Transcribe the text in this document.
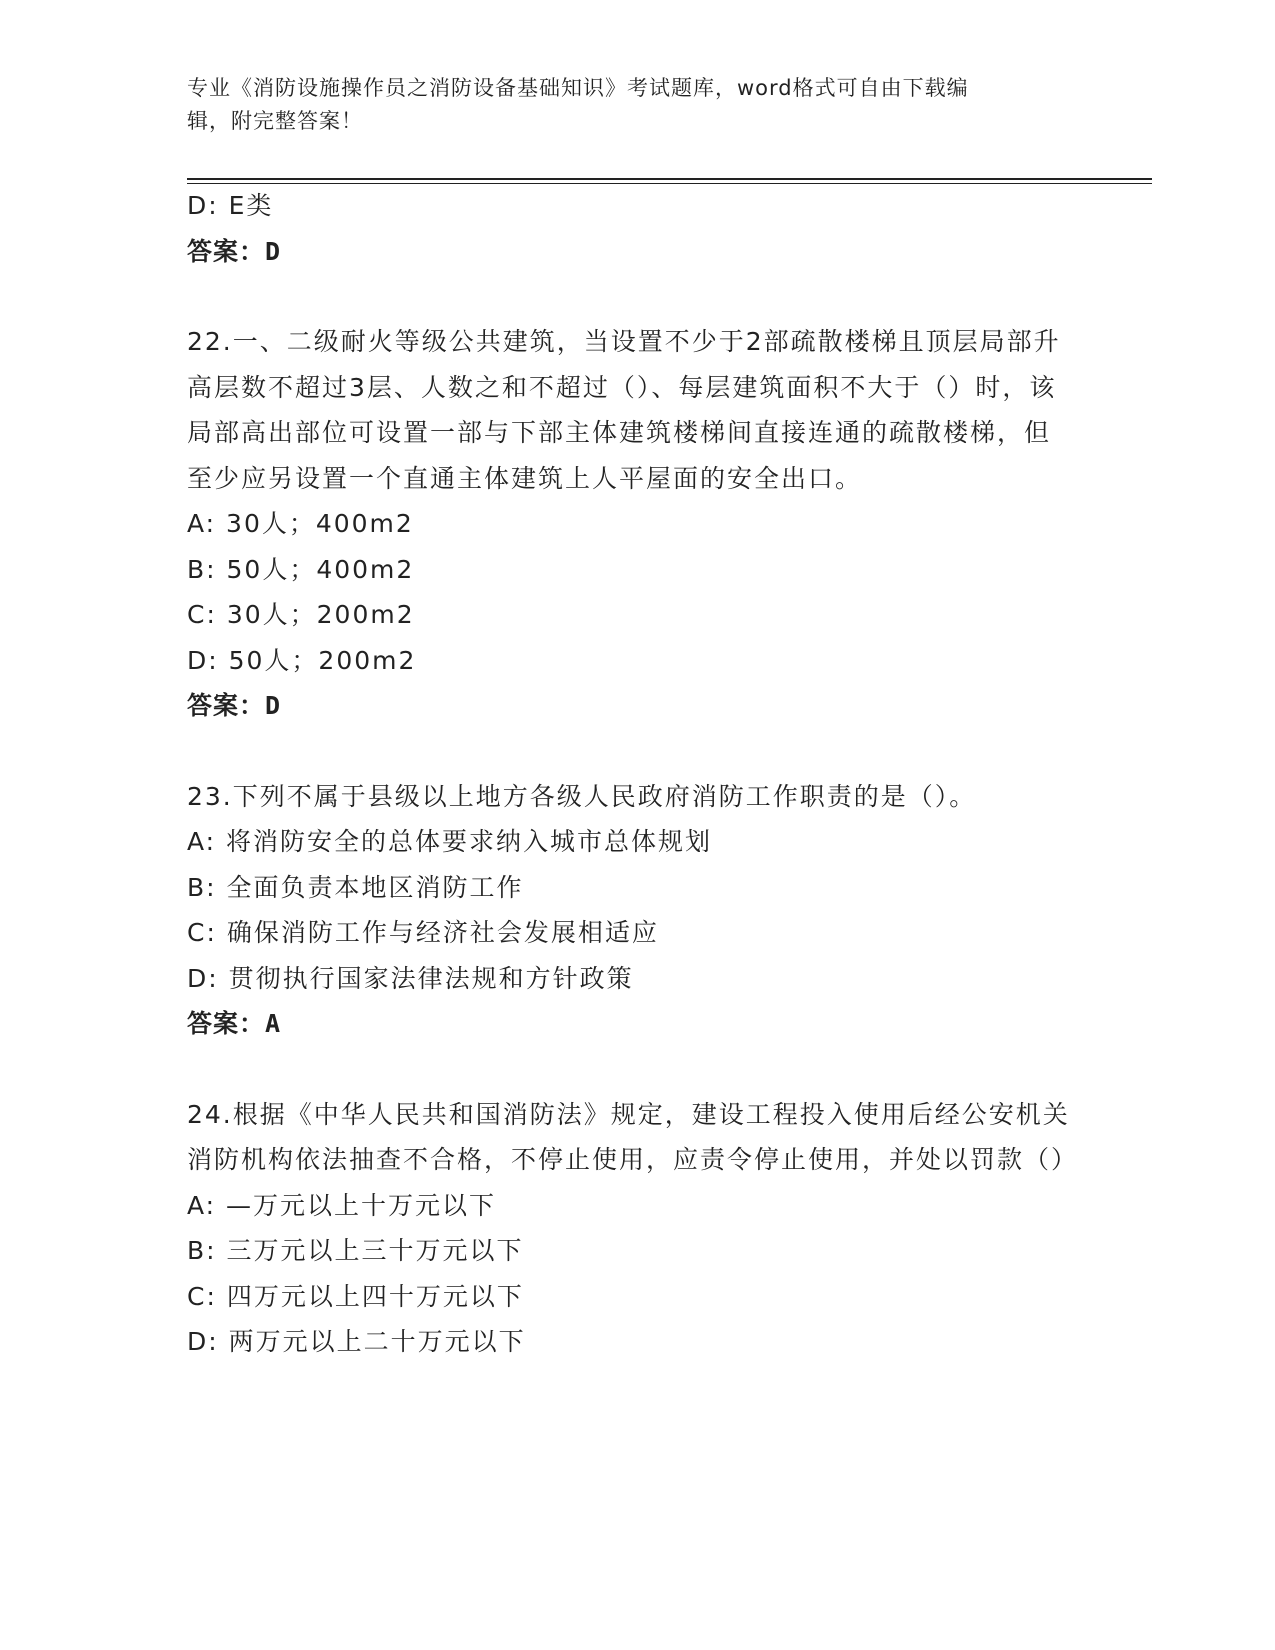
专业《消防设施操作员之消防设备基础知识》考试题库，word格式可自由下载编
辑，附完整答案！
D: E类
答案：D
22.一、二级耐火等级公共建筑，当设置不少于2部疏散楼梯且顶层局部升高层数不超过3层、人数之和不超过（）、每层建筑面积不大于（）时，该局部高出部位可设置一部与下部主体建筑楼梯间直接连通的疏散楼梯，但至少应另设置一个直通主体建筑上人平屋面的安全出口。
A: 30人；400m2
B: 50人；400m2
C: 30人；200m2
D: 50人；200m2
答案：D
23.下列不属于县级以上地方各级人民政府消防工作职责的是（）。
A: 将消防安全的总体要求纳入城市总体规划
B: 全面负责本地区消防工作
C: 确保消防工作与经济社会发展相适应
D: 贯彻执行国家法律法规和方针政策
答案：A
24.根据《中华人民共和国消防法》规定，建设工程投入使用后经公安机关消防机构依法抽查不合格，不停止使用，应责令停止使用，并处以罚款（）
A: —万元以上十万元以下
B: 三万元以上三十万元以下
C: 四万元以上四十万元以下
D: 两万元以上二十万元以下
